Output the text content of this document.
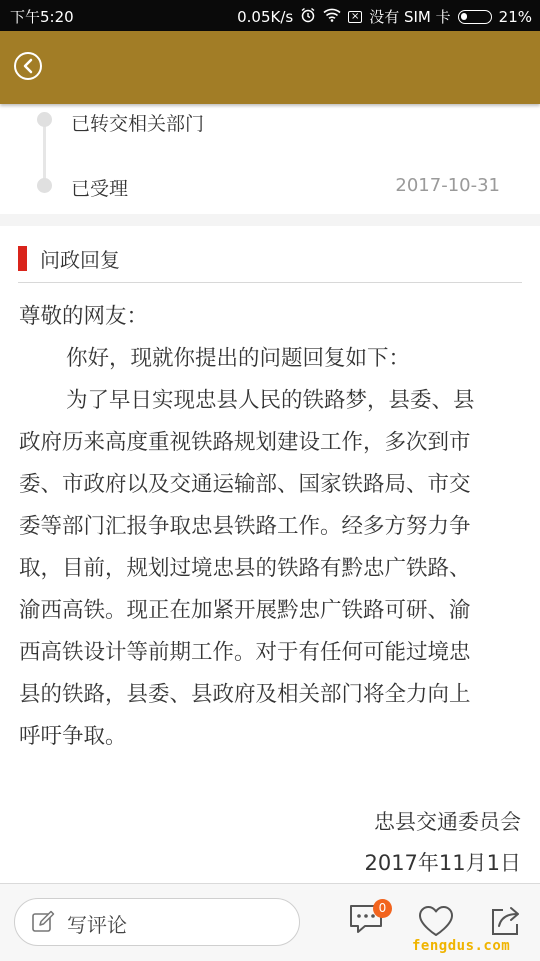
下午5:20	0.05K/s	× 没有 SIM 卡	21%
已转交相关部门
已受理	2017-10-31
问政回复
尊敬的网友：
你好，现就你提出的问题回复如下：
为了早日实现忠县人民的铁路梦，县委、县
政府历来高度重视铁路规划建设工作，多次到市
委、市政府以及交通运输部、国家铁路局、市交
委等部门汇报争取忠县铁路工作。经多方努力争
取，目前，规划过境忠县的铁路有黔忠广铁路、
渝西高铁。现正在加紧开展黔忠广铁路可研、渝
西高铁设计等前期工作。对于有任何可能过境忠
县的铁路，县委、县政府及相关部门将全力向上
呼吁争取。
忠县交通委员会
2017年11月1日
写评论
0
fengdus.com
